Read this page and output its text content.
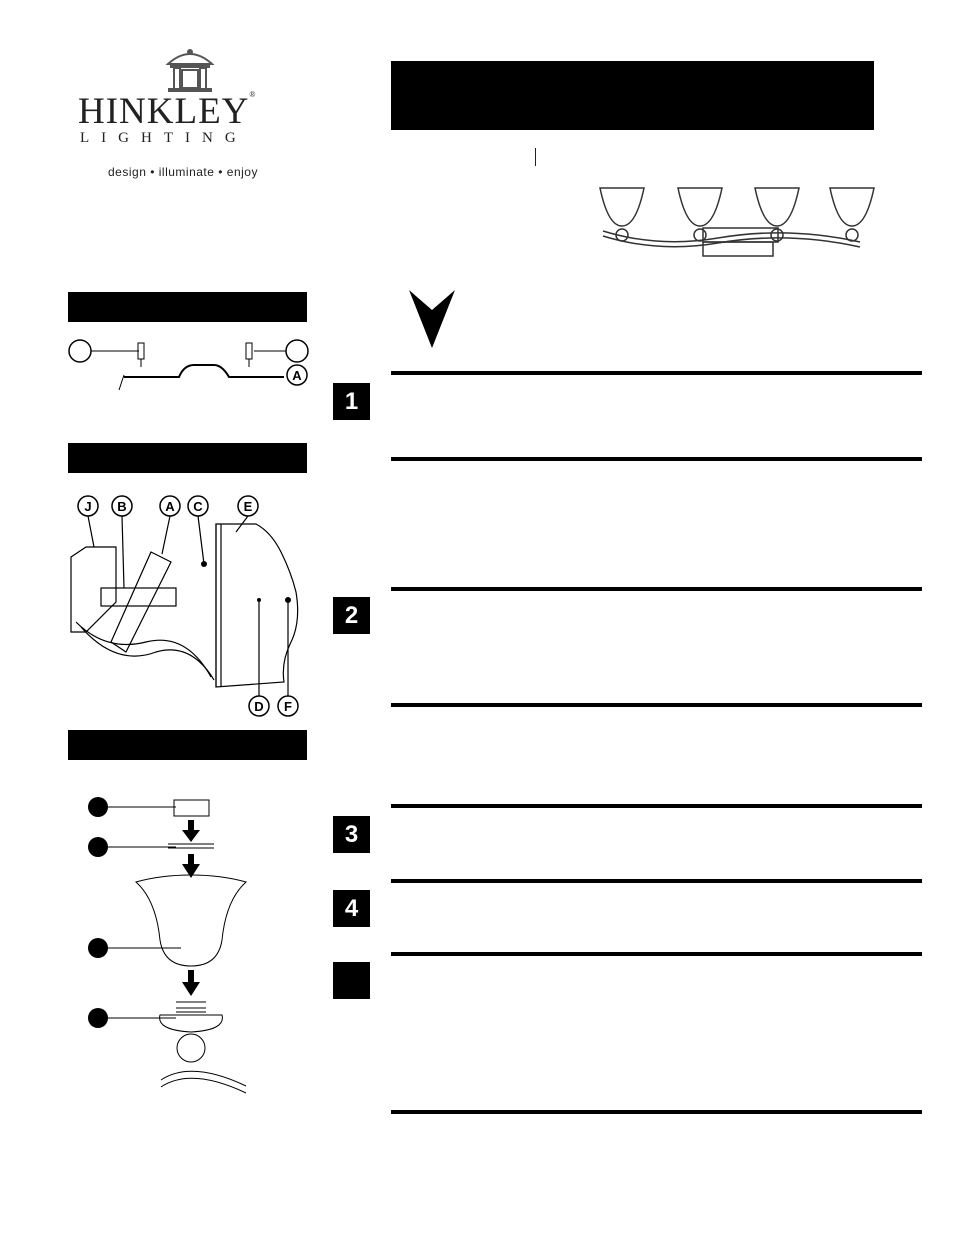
HINKLEY®
LIGHTING
design • illuminate • enjoy
A
J B	A C	E
D F
1
2
3
4
